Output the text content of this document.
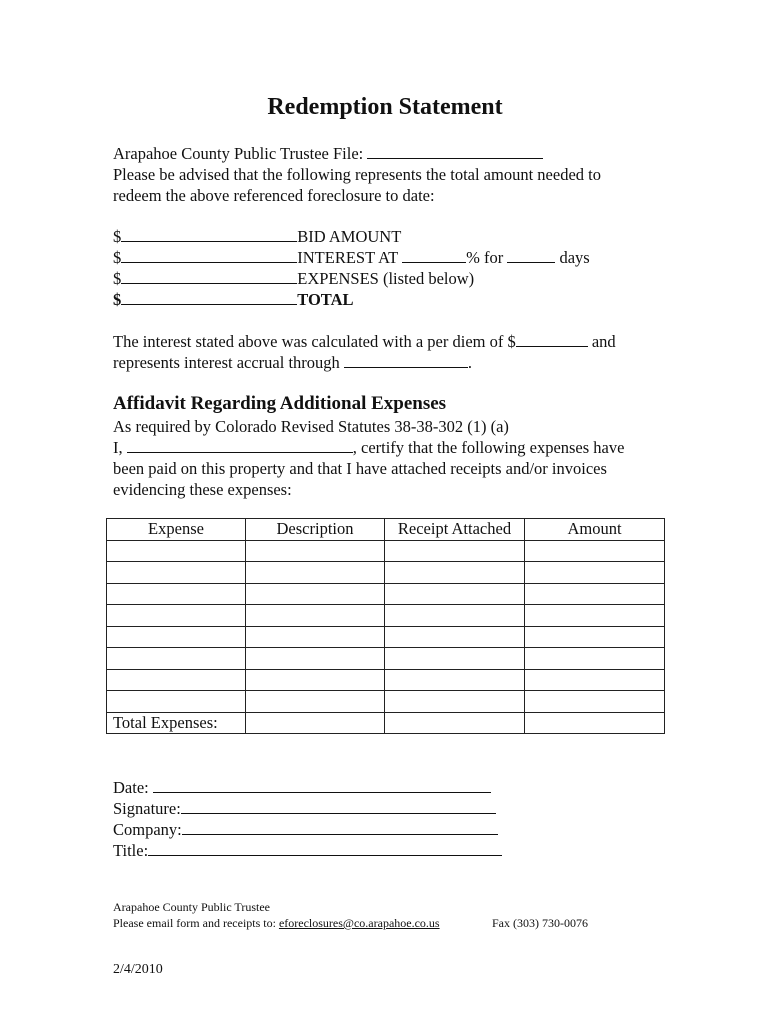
Redemption Statement
Arapahoe County Public Trustee File:
Please be advised that the following represents the total amount needed to
redeem the above referenced foreclosure to date:
$	BID AMOUNT
$	INTEREST AT	% for	days
$	EXPENSES (listed below)
$	TOTAL
The interest stated above was calculated with a per diem of $	and
represents interest accrual through	.
Affidavit Regarding Additional Expenses
As required by Colorado Revised Statutes 38-38-302 (1) (a)
I,	, certify that the following expenses have
been paid on this property and that I have attached receipts and/or invoices
evidencing these expenses:
Expense	Description	Receipt Attached	Amount

Total Expenses:			
Date:
Signature:
Company:
Title:
Arapahoe County Public Trustee
Please email form and receipts to: eforeclosures@co.arapahoe.co.us	Fax (303) 730-0076
2/4/2010
